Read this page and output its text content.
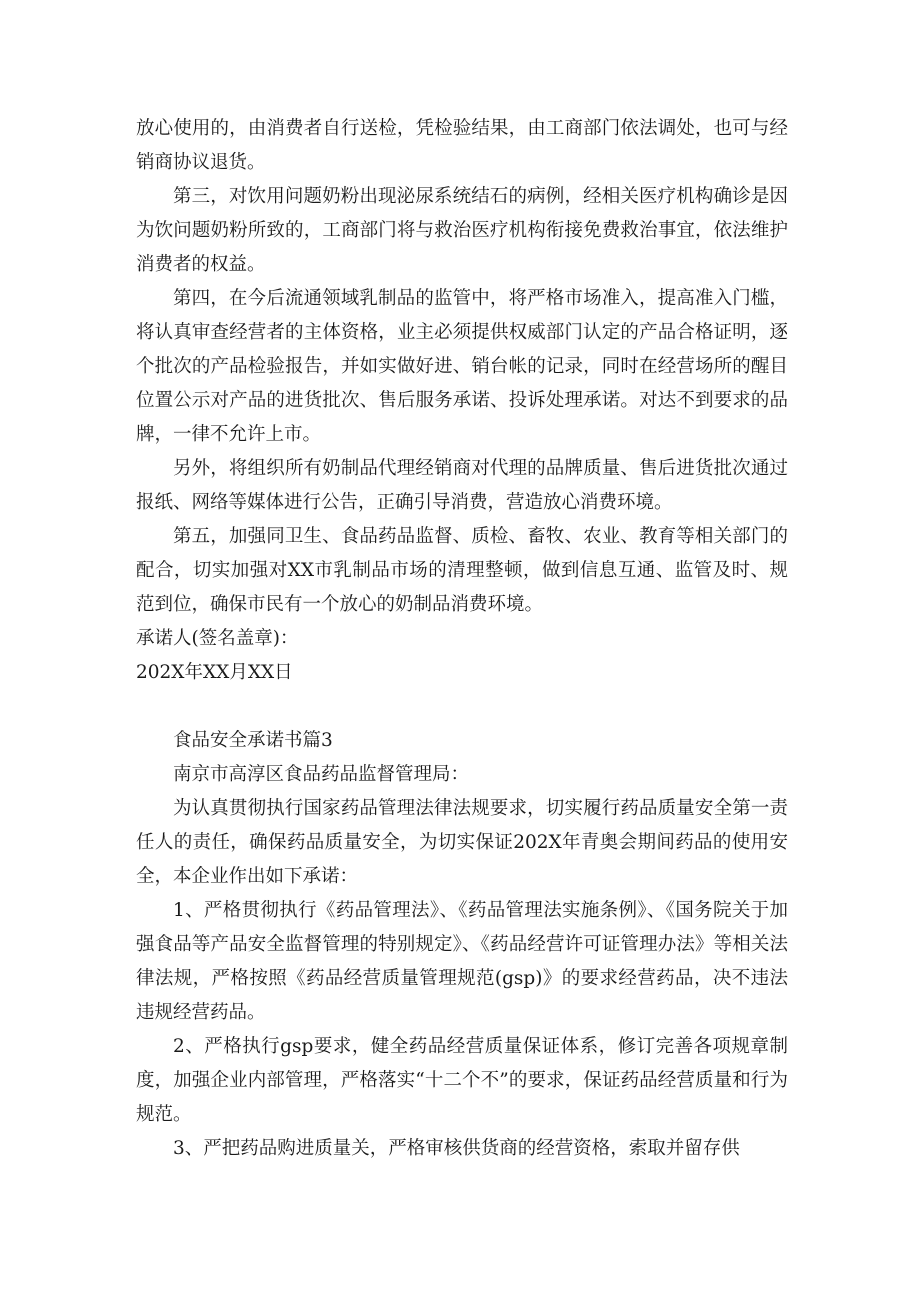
放心使用的，由消费者自行送检，凭检验结果，由工商部门依法调处，也可与经销商协议退货。

第三，对饮用问题奶粉出现泌尿系统结石的病例，经相关医疗机构确诊是因为饮问题奶粉所致的，工商部门将与救治医疗机构衔接免费救治事宜，依法维护消费者的权益。

第四，在今后流通领域乳制品的监管中，将严格市场准入，提高准入门槛，将认真审查经营者的主体资格，业主必须提供权威部门认定的产品合格证明，逐个批次的产品检验报告，并如实做好进、销台帐的记录，同时在经营场所的醒目位置公示对产品的进货批次、售后服务承诺、投诉处理承诺。对达不到要求的品牌，一律不允许上市。

另外，将组织所有奶制品代理经销商对代理的品牌质量、售后进货批次通过报纸、网络等媒体进行公告，正确引导消费，营造放心消费环境。

第五，加强同卫生、食品药品监督、质检、畜牧、农业、教育等相关部门的配合，切实加强对XX市乳制品市场的清理整顿，做到信息互通、监管及时、规范到位，确保市民有一个放心的奶制品消费环境。

承诺人(签名盖章)：

202X年XX月XX日

食品安全承诺书篇3

南京市高淳区食品药品监督管理局：

为认真贯彻执行国家药品管理法律法规要求，切实履行药品质量安全第一责任人的责任，确保药品质量安全，为切实保证202X年青奥会期间药品的使用安全，本企业作出如下承诺：

1、严格贯彻执行《药品管理法》、《药品管理法实施条例》、《国务院关于加强食品等产品安全监督管理的特别规定》、《药品经营许可证管理办法》等相关法律法规，严格按照《药品经营质量管理规范(gsp)》的要求经营药品，决不违法违规经营药品。

2、严格执行gsp要求，健全药品经营质量保证体系，修订完善各项规章制度，加强企业内部管理，严格落实“十二个不”的要求，保证药品经营质量和行为规范。

3、严把药品购进质量关，严格审核供货商的经营资格，索取并留存供
